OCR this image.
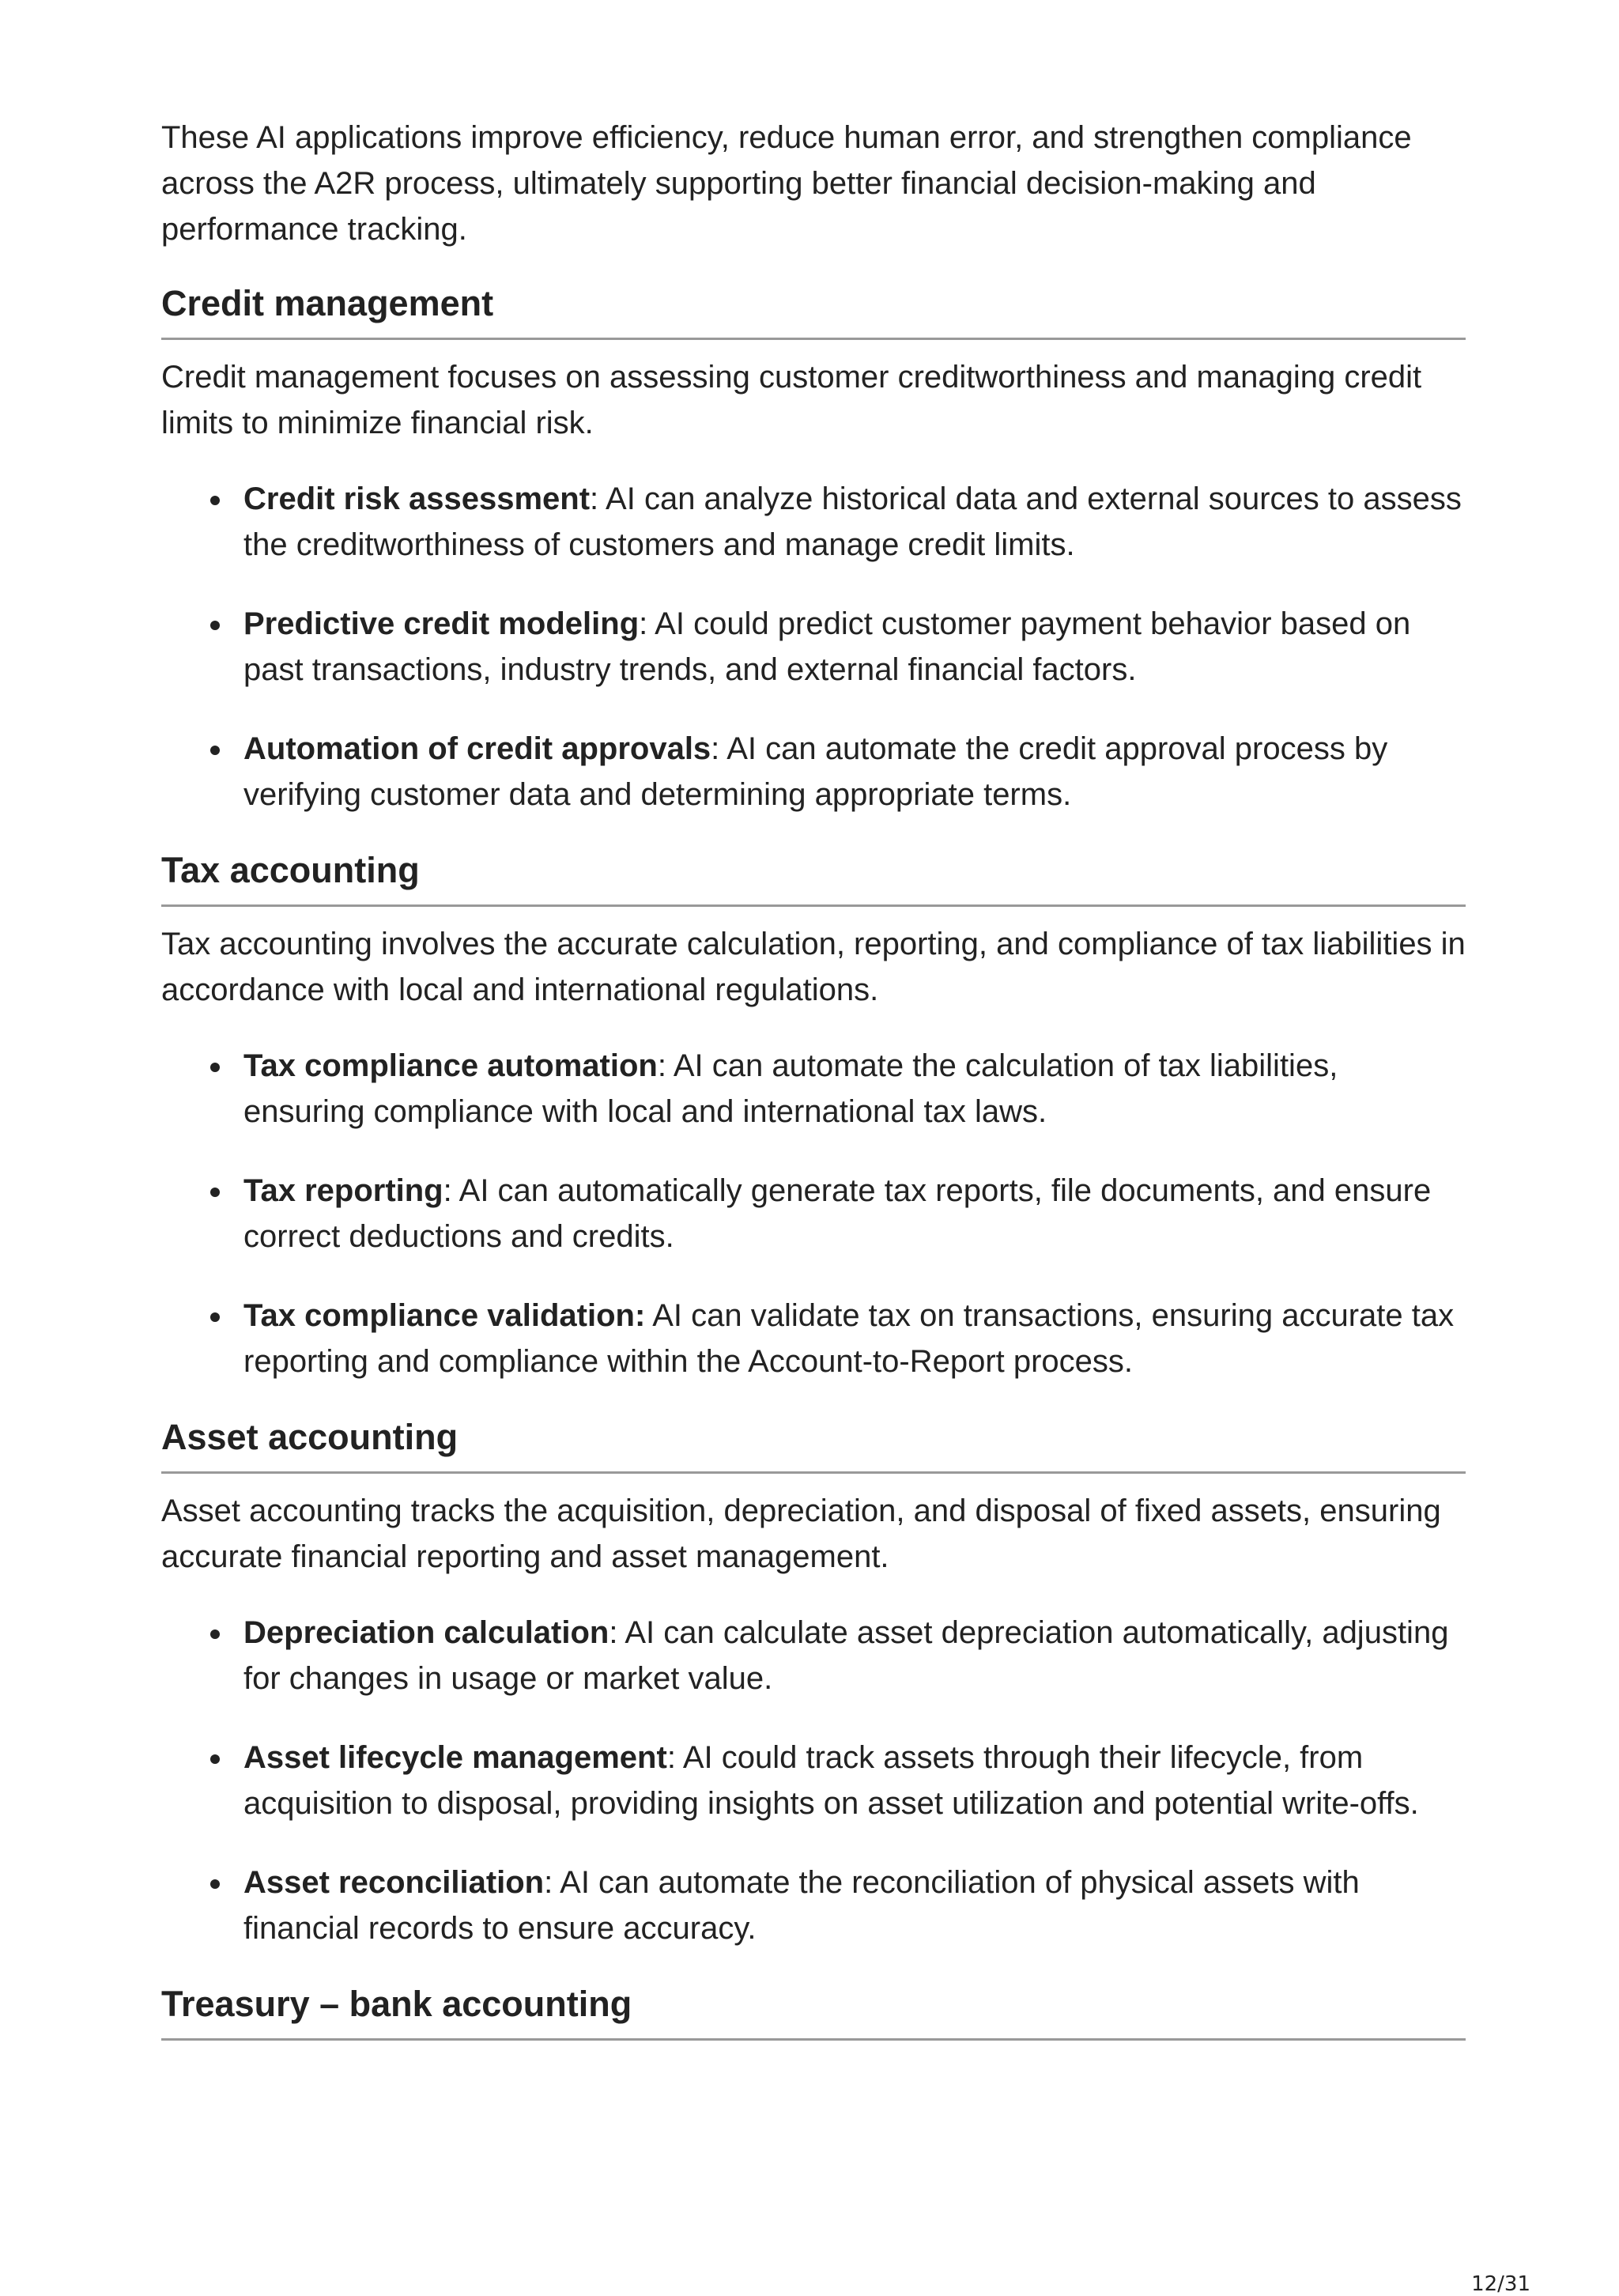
These AI applications improve efficiency, reduce human error, and strengthen compliance across the A2R process, ultimately supporting better financial decision-making and performance tracking.

Credit management

Credit management focuses on assessing customer creditworthiness and managing credit limits to minimize financial risk.

Credit risk assessment: AI can analyze historical data and external sources to assess the creditworthiness of customers and manage credit limits.
Predictive credit modeling: AI could predict customer payment behavior based on past transactions, industry trends, and external financial factors.
Automation of credit approvals: AI can automate the credit approval process by verifying customer data and determining appropriate terms.
Tax accounting

Tax accounting involves the accurate calculation, reporting, and compliance of tax liabilities in accordance with local and international regulations.

Tax compliance automation: AI can automate the calculation of tax liabilities, ensuring compliance with local and international tax laws.
Tax reporting: AI can automatically generate tax reports, file documents, and ensure correct deductions and credits.
Tax compliance validation: AI can validate tax on transactions, ensuring accurate tax reporting and compliance within the Account-to-Report process.
Asset accounting

Asset accounting tracks the acquisition, depreciation, and disposal of fixed assets, ensuring accurate financial reporting and asset management.

Depreciation calculation: AI can calculate asset depreciation automatically, adjusting for changes in usage or market value.
Asset lifecycle management: AI could track assets through their lifecycle, from acquisition to disposal, providing insights on asset utilization and potential write-offs.
Asset reconciliation: AI can automate the reconciliation of physical assets with financial records to ensure accuracy.
Treasury – bank accounting
12/31
